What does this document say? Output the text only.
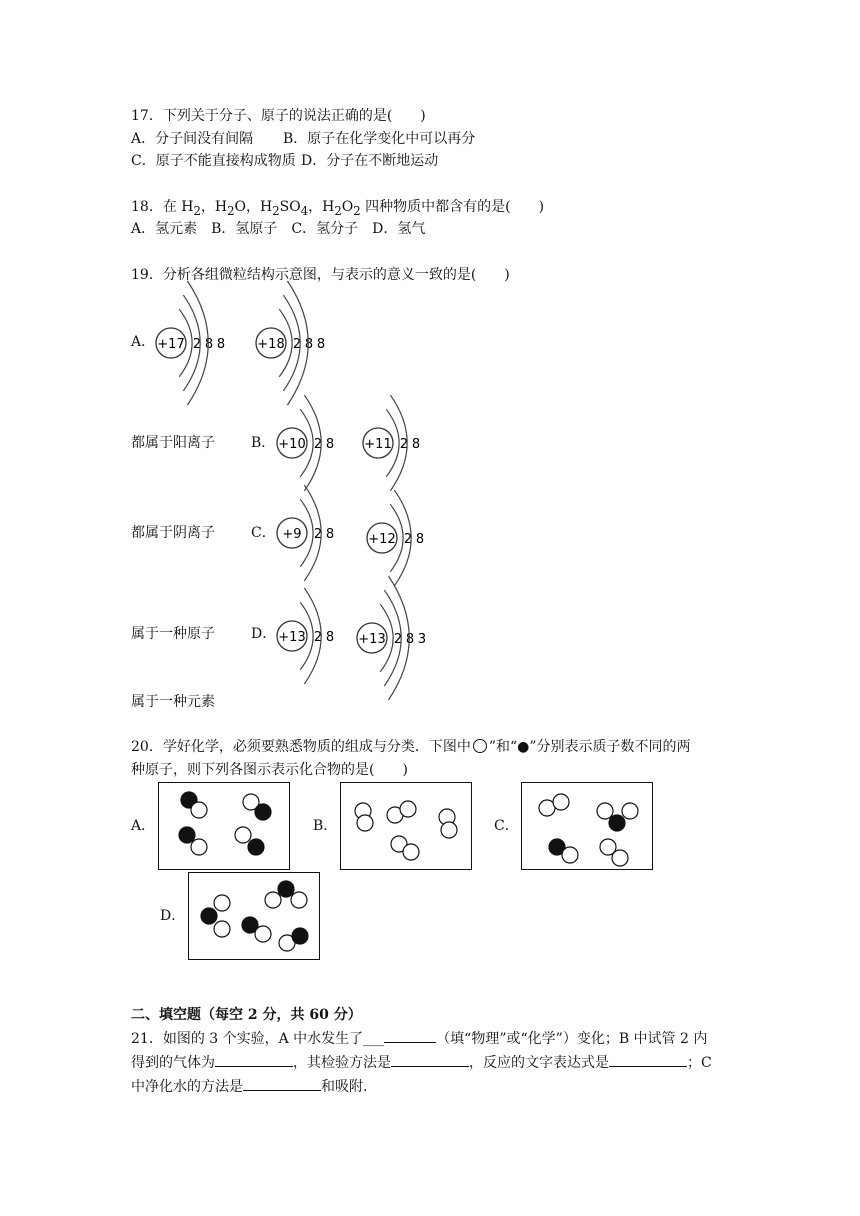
17．下列关于分子、原子的说法正确的是(　　)
A．分子间没有间隔 B．原子在化学变化中可以再分
C．原子不能直接构成物质 D．分子在不断地运动
18．在 $H_2$，$H_2O$，$H_2SO_4$，$H_2O_2$ 四种物质中都含有的是(　　)
A．氢元素　B．氢原子　C．氢分子　D．氢气
19．分析各组微粒结构示意图，与表示的意义一致的是(　　)
A． +17 2 8 8 +18 2 8 8
都属于阳离子	B． +10 2 8 +11 2 8
都属于阴离子	C． +9 2 8	+12 2 8
属于一种原子	D． +13 2 8 +13 2 8 3
属于一种元素
20．学好化学，必须要熟悉物质的组成与分类．下图中 ”和“●”分别表示质子数不同的两
种原子，则下列各图示表示化合物的是(　　)
A．	B．	C．
D．
二、填空题（每空 2 分，共 60 分）
21．如图的 3 个实验，A 中水发生了___	（填“物理”或“化学”）变化；B 中试管 2 内
得到的气体为	，其检验方法是	，反应的文字表达式是	；C
中净化水的方法是	和吸附.
